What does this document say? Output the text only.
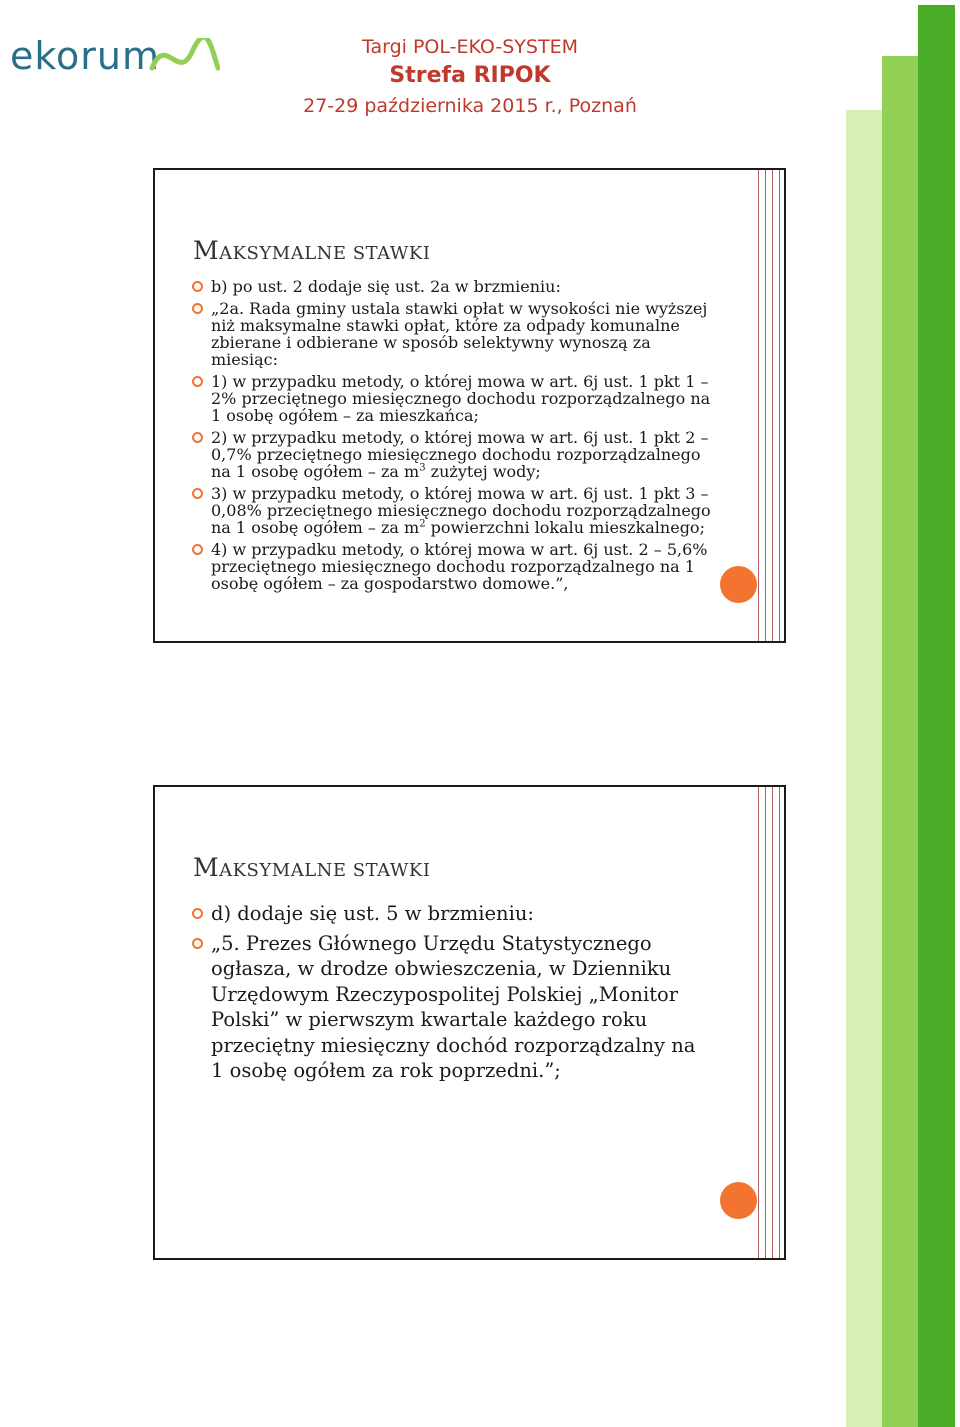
ekorum	Targi POL-EKO-SYSTEM
Strefa RIPOK
27-29 października 2015 r., Poznań
MAKSYMALNE STAWKI
b) po ust. 2 dodaje się ust. 2a w brzmieniu:
„2a. Rada gminy ustala stawki opłat w wysokości nie wyższej niż maksymalne stawki opłat, które za odpady komunalne zbierane i odbierane w sposób selektywny wynoszą za miesiąc:
1) w przypadku metody, o której mowa w art. 6j ust. 1 pkt 1 – 2% przeciętnego miesięcznego dochodu rozporządzalnego na 1 osobę ogółem – za mieszkańca;
2) w przypadku metody, o której mowa w art. 6j ust. 1 pkt 2 – 0,7% przeciętnego miesięcznego dochodu rozporządzalnego na 1 osobę ogółem – za $m^3$ zużytej wody;
3) w przypadku metody, o której mowa w art. 6j ust. 1 pkt 3 – 0,08% przeciętnego miesięcznego dochodu rozporządzalnego na 1 osobę ogółem – za $m^2$ powierzchni lokalu mieszkalnego;
4) w przypadku metody, o której mowa w art. 6j ust. 2 – 5,6% przeciętnego miesięcznego dochodu rozporządzalnego na 1 osobę ogółem – za gospodarstwo domowe.”,
MAKSYMALNE STAWKI
d) dodaje się ust. 5 w brzmieniu:
„5. Prezes Głównego Urzędu Statystycznego ogłasza, w drodze obwieszczenia, w Dzienniku Urzędowym Rzeczypospolitej Polskiej „Monitor Polski” w pierwszym kwartale każdego roku przeciętny miesięczny dochód rozporządzalny na 1 osobę ogółem za rok poprzedni.”;
